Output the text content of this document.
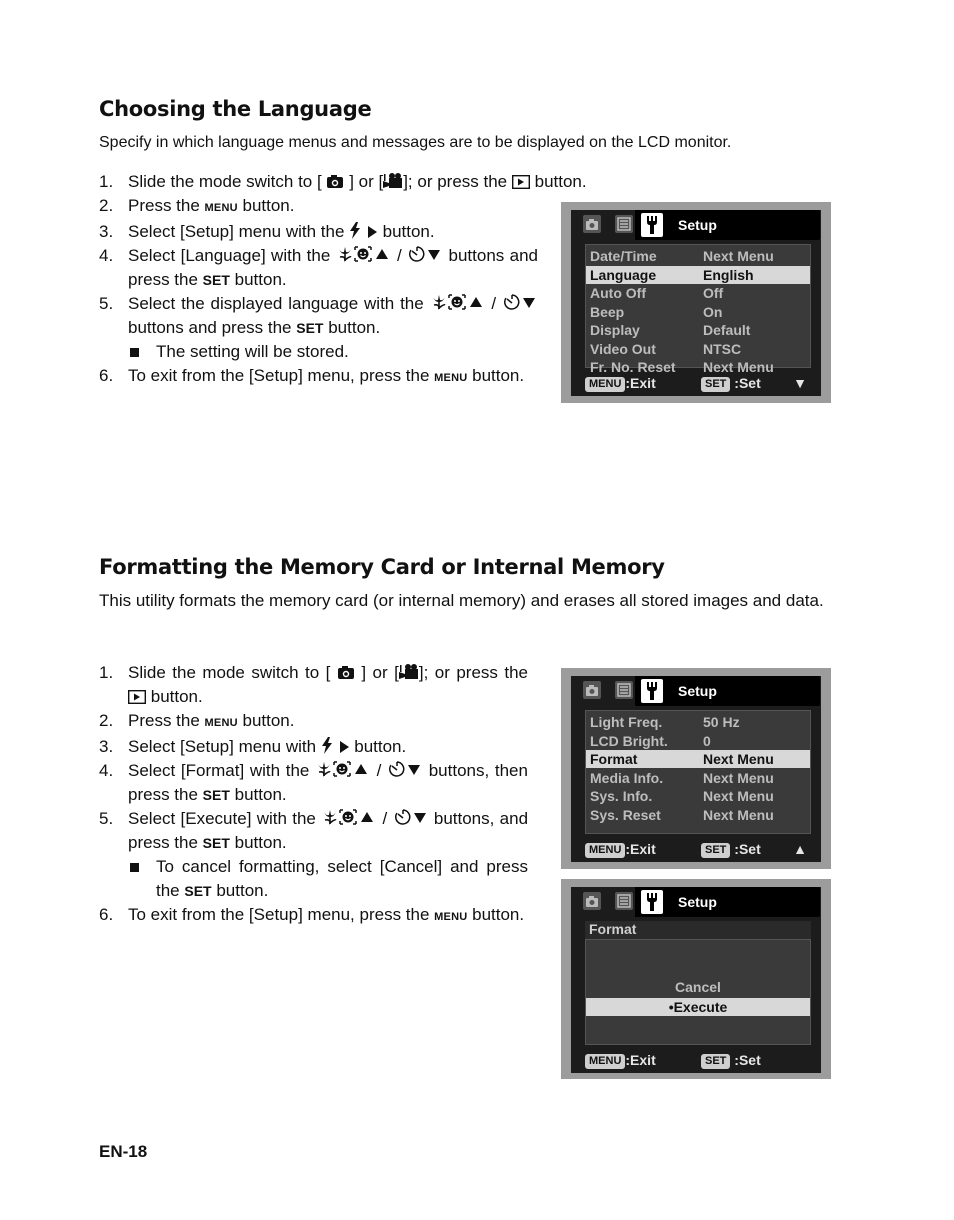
Choosing the Language

Specify in which language menus and messages are to be displayed on the LCD monitor.

1. Slide the mode switch to [ ] or [ ]; or press the button.
2. Press the MENU button.
3. Select [Setup] menu with the button.
4. Select [Language] with the	/	buttons and press the SET button.
5. Select the displayed language with the	/  buttons and press the SET button.
The setting will be stored.
6. To exit from the [Setup] menu, press the MENU button.
Setup
Date/Time	Next Menu
Language	English
Auto Off	Off
Beep	On
Display	Default
Video Out	NTSC
Fr. No. Reset Next Menu
MENU :Exit	SET :Set ▼
Formatting the Memory Card or Internal Memory

This utility formats the memory card (or internal memory) and erases all stored images and data.

1. Slide the mode switch to [ ] or [ ]; or press the  button.
2. Press the MENU button.
3. Select [Setup] menu with button.
4. Select [Format] with the	/	buttons, then press the SET button.
5. Select [Execute] with the	/	buttons, and press the SET button.
To cancel formatting, select [Cancel] and press the SET button.
6. To exit from the [Setup] menu, press the MENU button.
Setup
Light Freq.	50 Hz
LCD Bright.	0
Format	Next Menu
Media Info.	Next Menu
Sys. Info.	Next Menu
Sys. Reset	Next Menu
MENU :Exit	SET :Set ▲
Setup
Format
Cancel
•Execute
MENU :Exit	SET :Set

EN-18
